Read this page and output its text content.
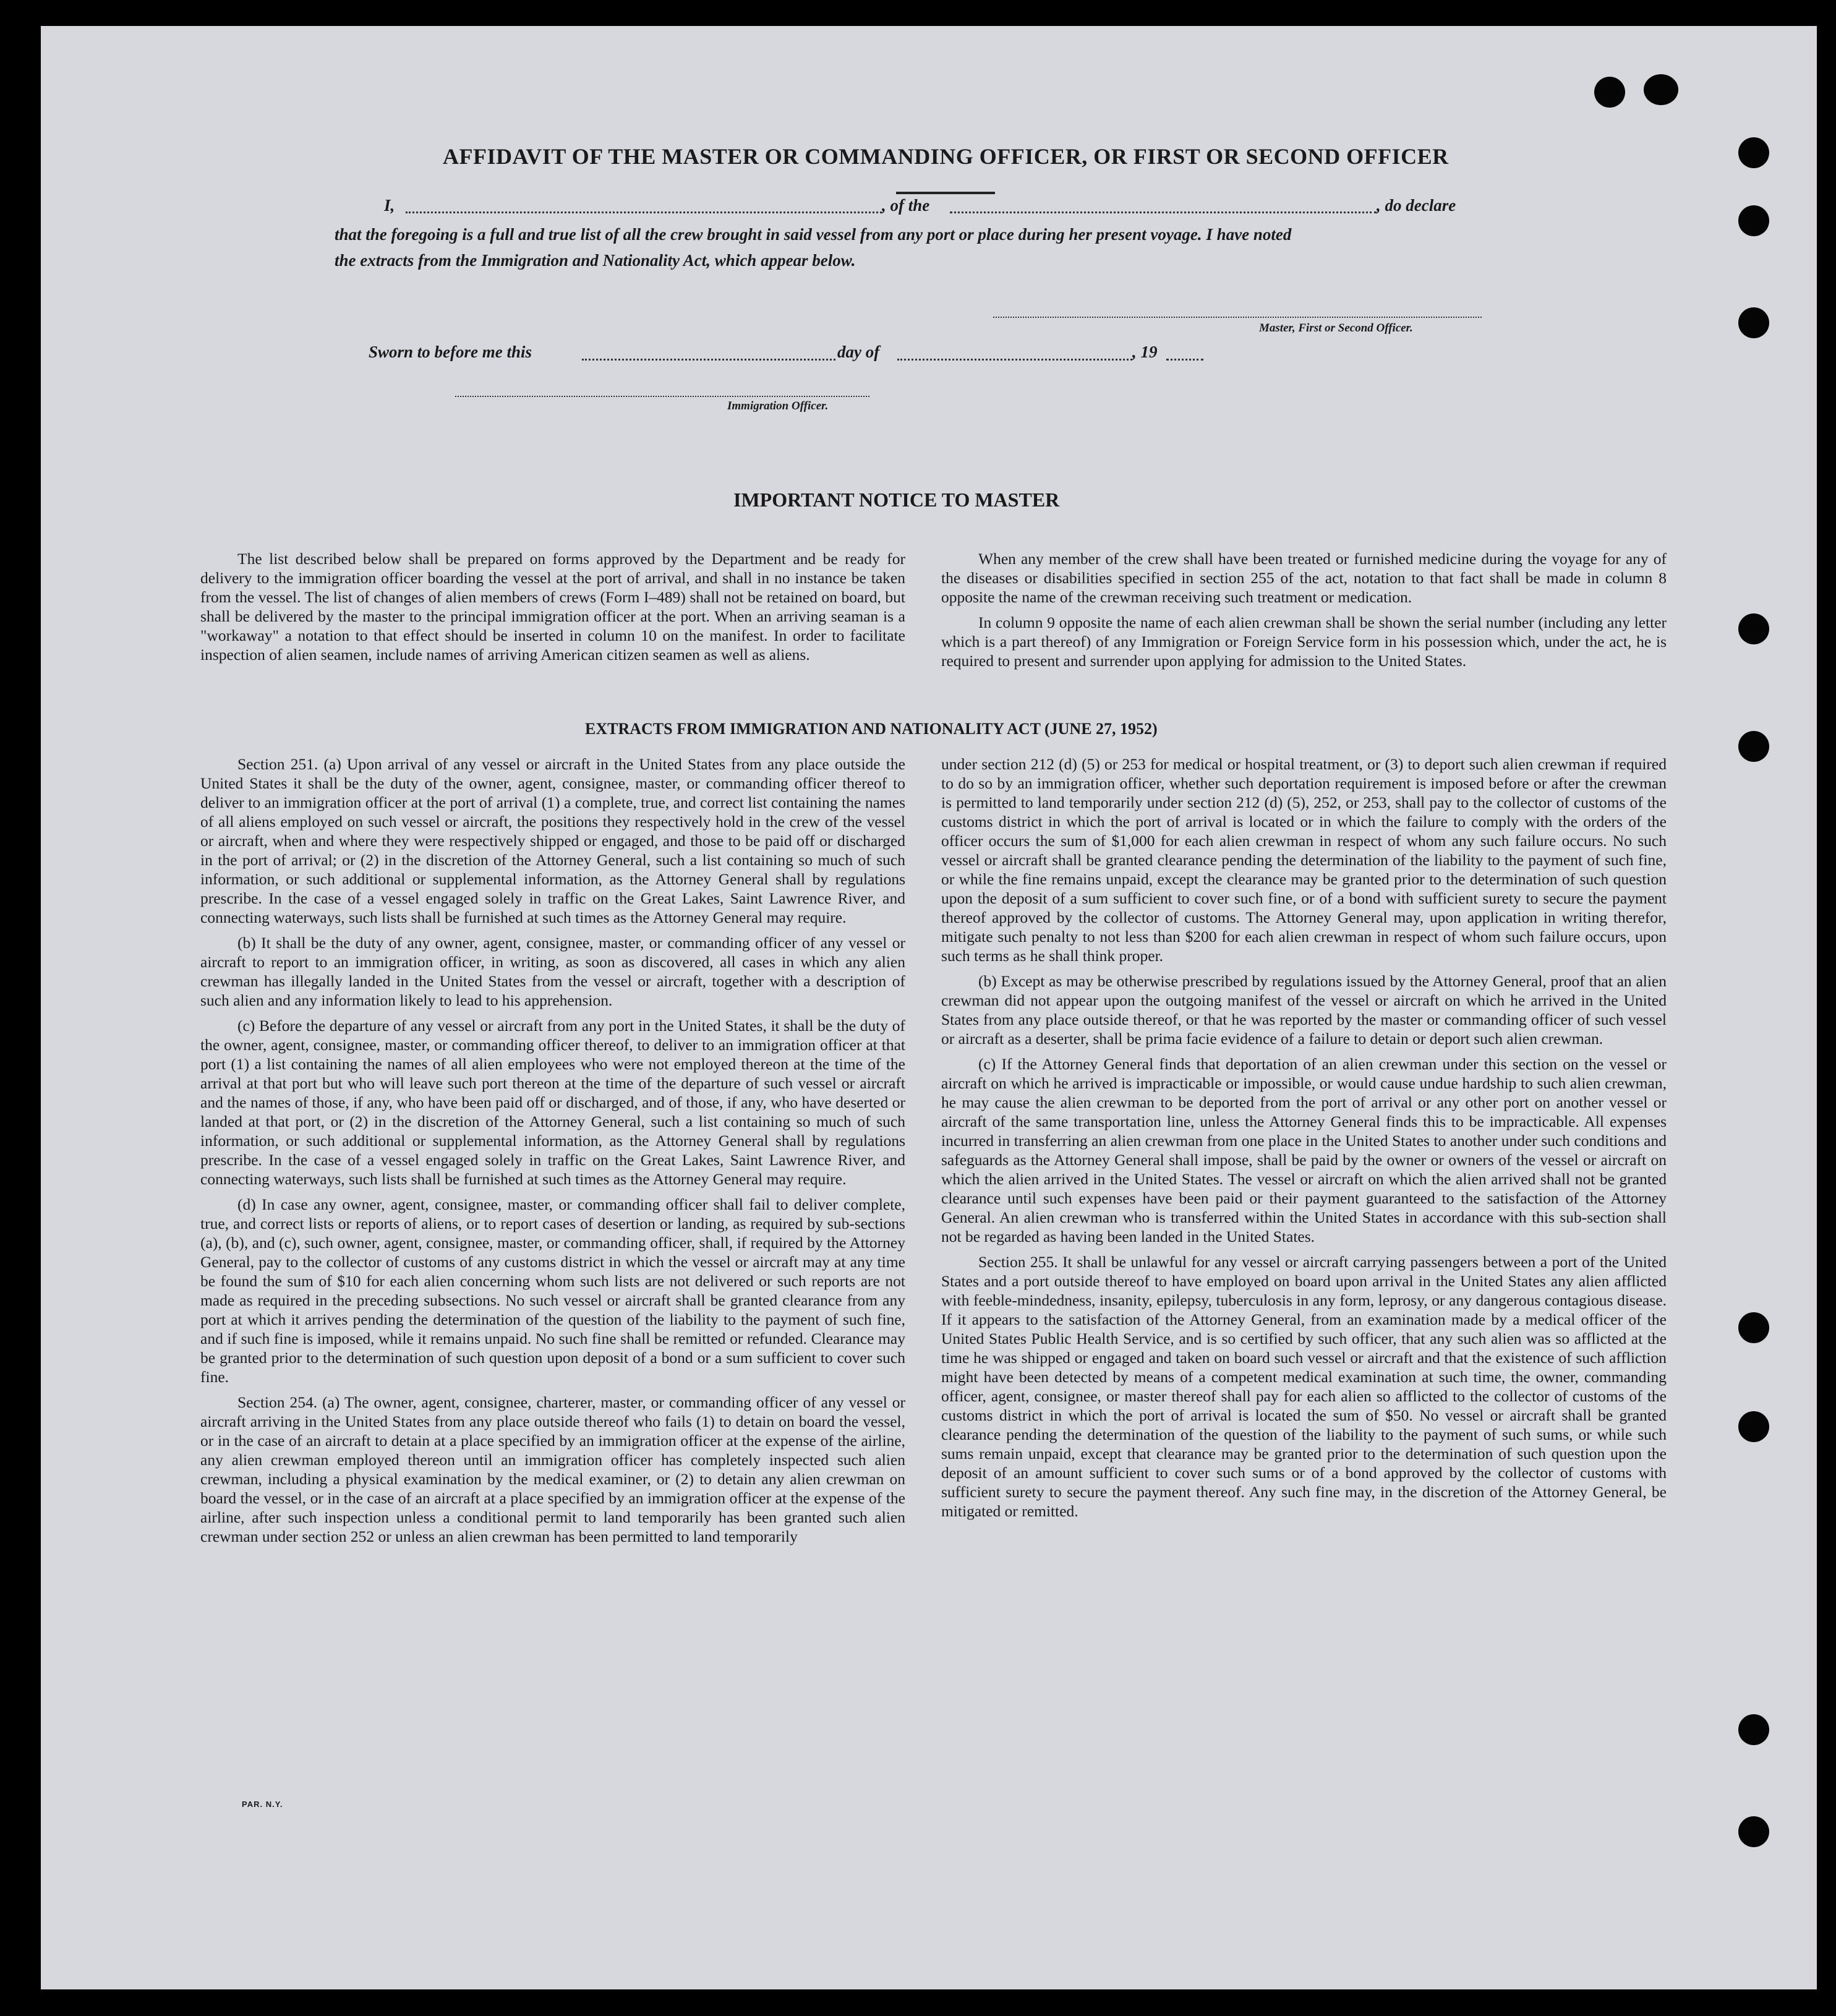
AFFIDAVIT OF THE MASTER OR COMMANDING OFFICER, OR FIRST OR SECOND OFFICER
I,	, of the	, do declare
that the foregoing is a full and true list of all the crew brought in said vessel from any port or place during her present voyage. I have noted
the extracts from the Immigration and Nationality Act, which appear below.
Master, First or Second Officer.
Sworn to before me this	day of	, 19
Immigration Officer.
IMPORTANT NOTICE TO MASTER

The list described below shall be prepared on forms approved by the Department and be ready for delivery to the immigration officer boarding the vessel at the port of arrival, and shall in no instance be taken from the vessel. The list of changes of alien members of crews (Form I–489) shall not be retained on board, but shall be delivered by the master to the principal immigration officer at the port. When an arriving seaman is a "workaway" a notation to that effect should be inserted in column 10 on the manifest. In order to facilitate inspection of alien seamen, include names of arriving American citizen seamen as well as aliens.

When any member of the crew shall have been treated or furnished medicine during the voyage for any of the diseases or disabilities specified in section 255 of the act, notation to that fact shall be made in column 8 opposite the name of the crewman receiving such treatment or medication.

In column 9 opposite the name of each alien crewman shall be shown the serial number (including any letter which is a part thereof) of any Immigration or Foreign Service form in his possession which, under the act, he is required to present and surrender upon applying for admission to the United States.

EXTRACTS FROM IMMIGRATION AND NATIONALITY ACT (JUNE 27, 1952)

Section 251. (a) Upon arrival of any vessel or aircraft in the United States from any place outside the United States it shall be the duty of the owner, agent, consignee, master, or commanding officer thereof to deliver to an immigration officer at the port of arrival (1) a complete, true, and correct list containing the names of all aliens employed on such vessel or aircraft, the positions they respectively hold in the crew of the vessel or aircraft, when and where they were respectively shipped or engaged, and those to be paid off or discharged in the port of arrival; or (2) in the discretion of the Attorney General, such a list containing so much of such information, or such additional or supplemental information, as the Attorney General shall by regulations prescribe. In the case of a vessel engaged solely in traffic on the Great Lakes, Saint Lawrence River, and connecting waterways, such lists shall be furnished at such times as the Attorney General may require.

(b) It shall be the duty of any owner, agent, consignee, master, or commanding officer of any vessel or aircraft to report to an immigration officer, in writing, as soon as discovered, all cases in which any alien crewman has illegally landed in the United States from the vessel or aircraft, together with a description of such alien and any information likely to lead to his apprehension.

(c) Before the departure of any vessel or aircraft from any port in the United States, it shall be the duty of the owner, agent, consignee, master, or commanding officer thereof, to deliver to an immigration officer at that port (1) a list containing the names of all alien employees who were not employed thereon at the time of the arrival at that port but who will leave such port thereon at the time of the departure of such vessel or aircraft and the names of those, if any, who have been paid off or discharged, and of those, if any, who have deserted or landed at that port, or (2) in the discretion of the Attorney General, such a list containing so much of such information, or such additional or supplemental information, as the Attorney General shall by regulations prescribe. In the case of a vessel engaged solely in traffic on the Great Lakes, Saint Lawrence River, and connecting waterways, such lists shall be furnished at such times as the Attorney General may require.

(d) In case any owner, agent, consignee, master, or commanding officer shall fail to deliver complete, true, and correct lists or reports of aliens, or to report cases of desertion or landing, as required by sub-sections (a), (b), and (c), such owner, agent, consignee, master, or commanding officer, shall, if required by the Attorney General, pay to the collector of customs of any customs district in which the vessel or aircraft may at any time be found the sum of $10 for each alien concerning whom such lists are not delivered or such reports are not made as required in the preceding subsections. No such vessel or aircraft shall be granted clearance from any port at which it arrives pending the determination of the question of the liability to the payment of such fine, and if such fine is imposed, while it remains unpaid. No such fine shall be remitted or refunded. Clearance may be granted prior to the determination of such question upon deposit of a bond or a sum sufficient to cover such fine.

Section 254. (a) The owner, agent, consignee, charterer, master, or commanding officer of any vessel or aircraft arriving in the United States from any place outside thereof who fails (1) to detain on board the vessel, or in the case of an aircraft to detain at a place specified by an immigration officer at the expense of the airline, any alien crewman employed thereon until an immigration officer has completely inspected such alien crewman, including a physical examination by the medical examiner, or (2) to detain any alien crewman on board the vessel, or in the case of an aircraft at a place specified by an immigration officer at the expense of the airline, after such inspection unless a conditional permit to land temporarily has been granted such alien crewman under section 252 or unless an alien crewman has been permitted to land temporarily

under section 212 (d) (5) or 253 for medical or hospital treatment, or (3) to deport such alien crewman if required to do so by an immigration officer, whether such deportation requirement is imposed before or after the crewman is permitted to land temporarily under section 212 (d) (5), 252, or 253, shall pay to the collector of customs of the customs district in which the port of arrival is located or in which the failure to comply with the orders of the officer occurs the sum of $1,000 for each alien crewman in respect of whom any such failure occurs. No such vessel or aircraft shall be granted clearance pending the determination of the liability to the payment of such fine, or while the fine remains unpaid, except the clearance may be granted prior to the determination of such question upon the deposit of a sum sufficient to cover such fine, or of a bond with sufficient surety to secure the payment thereof approved by the collector of customs. The Attorney General may, upon application in writing therefor, mitigate such penalty to not less than $200 for each alien crewman in respect of whom such failure occurs, upon such terms as he shall think proper.

(b) Except as may be otherwise prescribed by regulations issued by the Attorney General, proof that an alien crewman did not appear upon the outgoing manifest of the vessel or aircraft on which he arrived in the United States from any place outside thereof, or that he was reported by the master or commanding officer of such vessel or aircraft as a deserter, shall be prima facie evidence of a failure to detain or deport such alien crewman.

(c) If the Attorney General finds that deportation of an alien crewman under this section on the vessel or aircraft on which he arrived is impracticable or impossible, or would cause undue hardship to such alien crewman, he may cause the alien crewman to be deported from the port of arrival or any other port on another vessel or aircraft of the same transportation line, unless the Attorney General finds this to be impracticable. All expenses incurred in transferring an alien crewman from one place in the United States to another under such conditions and safeguards as the Attorney General shall impose, shall be paid by the owner or owners of the vessel or aircraft on which the alien arrived in the United States. The vessel or aircraft on which the alien arrived shall not be granted clearance until such expenses have been paid or their payment guaranteed to the satisfaction of the Attorney General. An alien crewman who is transferred within the United States in accordance with this sub-section shall not be regarded as having been landed in the United States.

Section 255. It shall be unlawful for any vessel or aircraft carrying passengers between a port of the United States and a port outside thereof to have employed on board upon arrival in the United States any alien afflicted with feeble-mindedness, insanity, epilepsy, tuberculosis in any form, leprosy, or any dangerous contagious disease. If it appears to the satisfaction of the Attorney General, from an examination made by a medical officer of the United States Public Health Service, and is so certified by such officer, that any such alien was so afflicted at the time he was shipped or engaged and taken on board such vessel or aircraft and that the existence of such affliction might have been detected by means of a competent medical examination at such time, the owner, commanding officer, agent, consignee, or master thereof shall pay for each alien so afflicted to the collector of customs of the customs district in which the port of arrival is located the sum of $50. No vessel or aircraft shall be granted clearance pending the determination of the question of the liability to the payment of such sums, or while such sums remain unpaid, except that clearance may be granted prior to the determination of such question upon the deposit of an amount sufficient to cover such sums or of a bond approved by the collector of customs with sufficient surety to secure the payment thereof. Any such fine may, in the discretion of the Attorney General, be mitigated or remitted.

PAR. N.Y.
